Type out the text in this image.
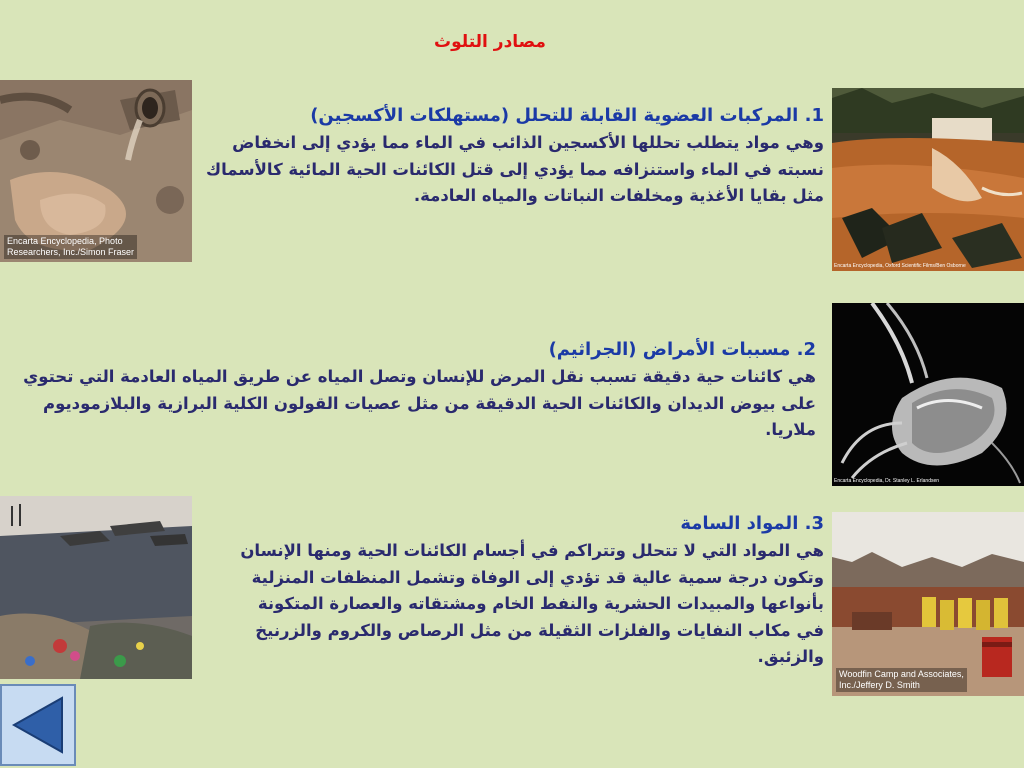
مصادر التلوث
Encarta Encyclopedia, Photo
Researchers, Inc./Simon Fraser
Encarta Encyclopedia, Oxford Scientific Films/Ben Osborne
1. المركبات العضوية القابلة للتحلل (مستهلكات الأكسجين)
وهي مواد يتطلب تحللها الأكسجين الذائب في الماء مما يؤدي إلى انخفاض
نسبته في الماء واستنزافه مما يؤدي إلى قتل الكائنات الحية المائية كالأسماك
مثل بقايا الأغذية ومخلفات النباتات والمياه العادمة.
Encarta Encyclopedia, Dr. Stanley L. Erlandsen
2. مسببات الأمراض (الجراثيم)
هي كائنات حية دقيقة تسبب نقل المرض للإنسان وتصل المياه عن طريق المياه العادمة التي تحتوي
على بيوض الديدان والكائنات الحية الدقيقة من مثل عصيات القولون الكلية البرازية والبلازموديوم
ملاريا.
Woodfin Camp and Associates,
Inc./Jeffery D. Smith
3. المواد السامة
هي المواد التي لا تتحلل وتتراكم في أجسام الكائنات الحية ومنها الإنسان
وتكون درجة سمية عالية قد تؤدي إلى الوفاة وتشمل المنظفات المنزلية
بأنواعها والمبيدات الحشرية والنفط الخام ومشتقاته والعصارة المتكونة
في مكاب النفايات والفلزات الثقيلة من مثل الرصاص والكروم والزرنيخ
والزئبق.
